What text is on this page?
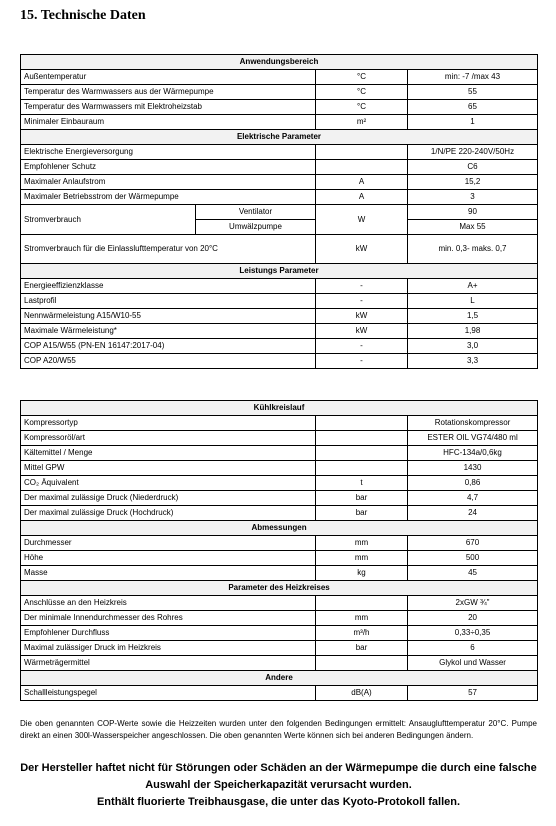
15. Technische Daten
Anwendungsbereich			
Außentemperatur		°C	min: -7 /max 43
Temperatur des Warmwassers aus der Wärmepumpe		°C	55
Temperatur des Warmwassers mit Elektroheizstab		°C	65
Minimaler Einbauraum		m²	1
Elektrische Parameter			
Elektrische Energieversorgung			1/N/PE 220-240V/50Hz
Empfohlener Schutz			C6
Maximaler Anlaufstrom		A	15,2
Maximaler Betriebsstrom der Wärmepumpe		A	3
Stromverbrauch	Ventilator	W	90
	Umwälzpumpe		Max 55
Stromverbrauch für die Einlasslufttemperatur von 20°C		kW	min. 0,3- maks. 0,7
Leistungs Parameter			
Energieeffizienzklasse		-	A+
Lastprofil		-	L
Nennwärmeleistung A15/W10-55		kW	1,5
Maximale Wärmeleistung*		kW	1,98
COP A15/W55 (PN-EN 16147:2017-04)		-	3,0
COP A20/W55		-	3,3
Kühlkreislauf		
Kompressortyp		Rotationskompressor
Kompressoröl/art		ESTER OIL VG74/480 ml
Kältemittel / Menge		HFC-134a/0,6kg
Mittel GPW		1430
CO₂ Äquivalent	t	0,86
Der maximal zulässige Druck (Niederdruck)	bar	4,7
Der maximal zulässige Druck (Hochdruck)	bar	24
Abmessungen		
Durchmesser	mm	670
Höhe	mm	500
Masse	kg	45
Parameter des Heizkreises		
Anschlüsse an den Heizkreis		2xGW ¾"
Der minimale Innendurchmesser des Rohres	mm	20
Empfohlener Durchfluss	m³/h	0,33÷0,35
Maximal zulässiger Druck im Heizkreis	bar	6
Wärmeträgermittel		Glykol und Wasser
Andere		
Schallleistungspegel	dB(A)	57
Die oben genannten COP-Werte sowie die Heizzeiten wurden unter den folgenden Bedingungen ermittelt: Ansauglufttemperatur 20°C. Pumpe direkt an einen 300l-Wasserspeicher angeschlossen. Die oben genannten Werte können sich bei anderen Bedingungen ändern.
Der Hersteller haftet nicht für Störungen oder Schäden an der Wärmepumpe die durch eine falsche Auswahl der Speicherkapazität verursacht wurden.
Enthält fluorierte Treibhausgase, die unter das Kyoto-Protokoll fallen.
